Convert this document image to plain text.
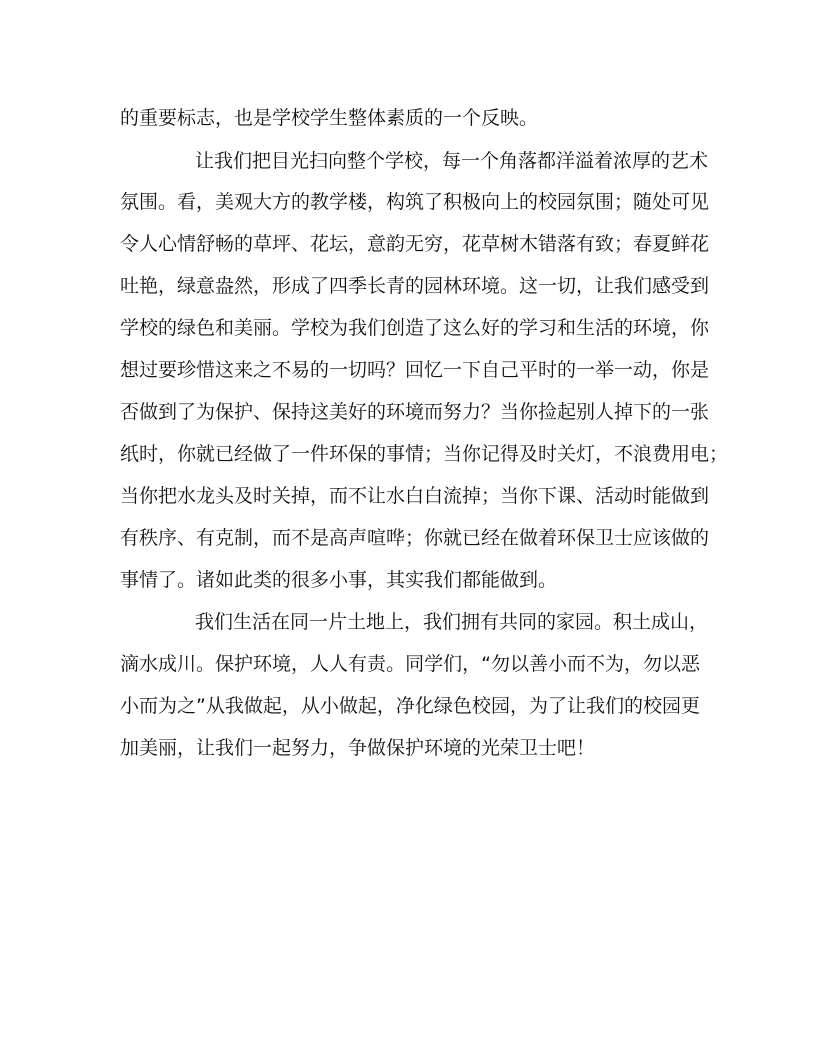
的重要标志，也是学校学生整体素质的一个反映。
让我们把目光扫向整个学校，每一个角落都洋溢着浓厚的艺术
氛围。看，美观大方的教学楼，构筑了积极向上的校园氛围；随处可见
令人心情舒畅的草坪、花坛，意韵无穷，花草树木错落有致；春夏鲜花
吐艳，绿意盎然，形成了四季长青的园林环境。这一切，让我们感受到
学校的绿色和美丽。学校为我们创造了这么好的学习和生活的环境，你
想过要珍惜这来之不易的一切吗？回忆一下自己平时的一举一动，你是
否做到了为保护、保持这美好的环境而努力？当你捡起别人掉下的一张
纸时，你就已经做了一件环保的事情；当你记得及时关灯，不浪费用电；
当你把水龙头及时关掉，而不让水白白流掉；当你下课、活动时能做到
有秩序、有克制，而不是高声喧哗；你就已经在做着环保卫士应该做的
事情了。诸如此类的很多小事，其实我们都能做到。
我们生活在同一片土地上，我们拥有共同的家园。积土成山，
滴水成川。保护环境，人人有责。同学们，“勿以善小而不为，勿以恶
小而为之”从我做起，从小做起，净化绿色校园，为了让我们的校园更
加美丽，让我们一起努力，争做保护环境的光荣卫士吧！
